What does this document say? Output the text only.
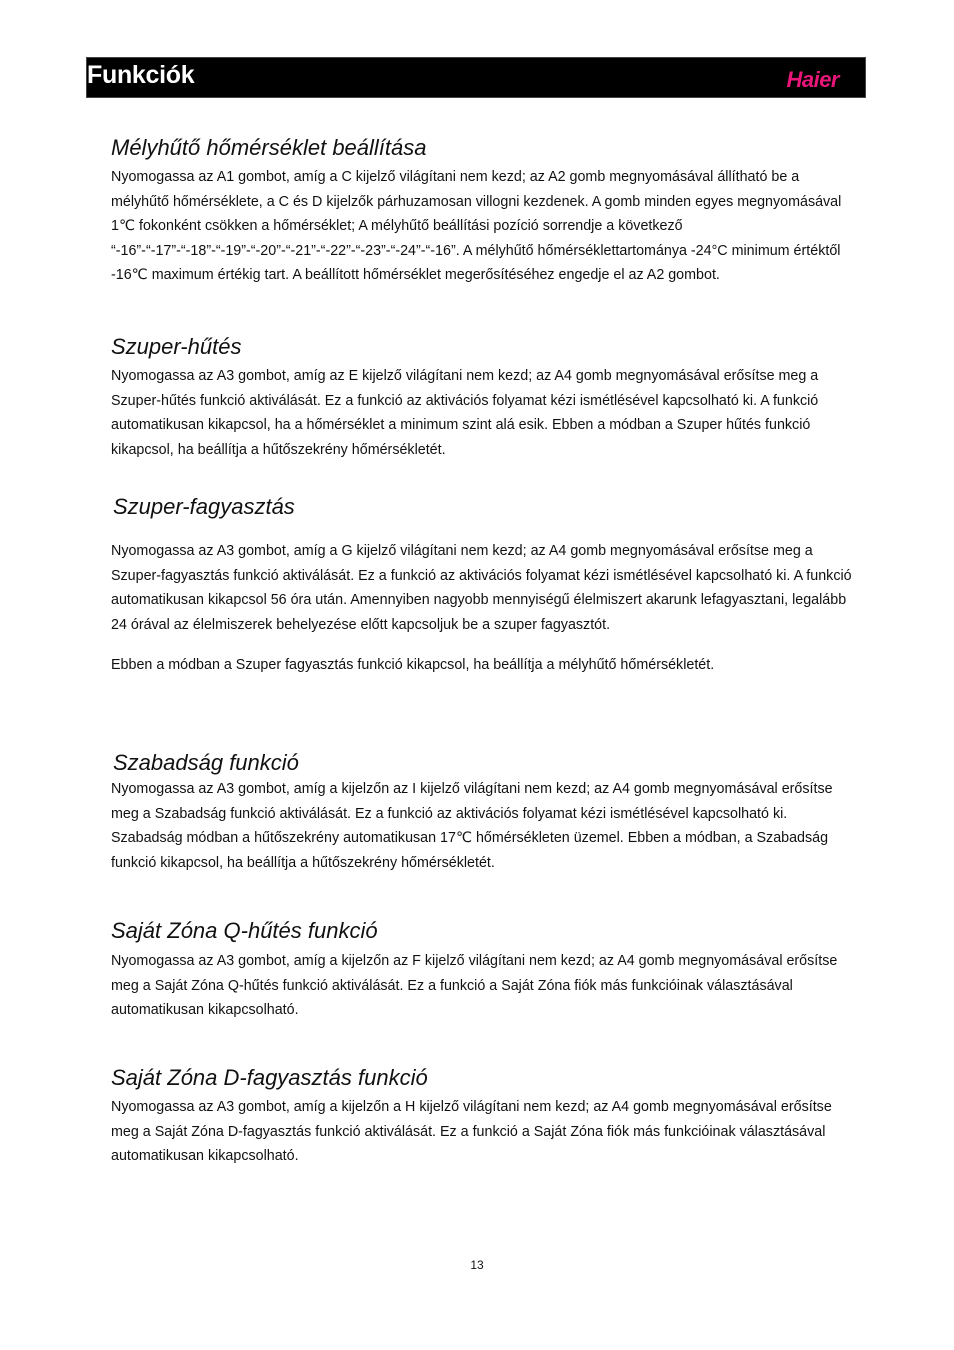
Funkciók	Haier
Mélyhűtő hőmérséklet beállítása

Nyomogassa az A1 gombot, amíg a C kijelző világítani nem kezd; az A2 gomb megnyomásával állítható be a mélyhűtő hőmérséklete, a C és D kijelzők párhuzamosan villogni kezdenek. A gomb minden egyes megnyomásával 1℃ fokonként csökken a hőmérséklet; A mélyhűtő beállítási pozíció sorrendje a következő “-16”-“-17”-“-18”-“-19”-“-20”-“-21”-“-22”-“-23”-“-24”-“-16”. A mélyhűtő hőmérséklettartománya -24°C minimum értéktől -16℃ maximum értékig tart. A beállított hőmérséklet megerősítéséhez engedje el az A2 gombot.

Szuper-hűtés

Nyomogassa az A3 gombot, amíg az E kijelző világítani nem kezd; az A4 gomb megnyomásával erősítse meg a Szuper-hűtés funkció aktiválását. Ez a funkció az aktivációs folyamat kézi ismétlésével kapcsolható ki. A funkció automatikusan kikapcsol, ha a hőmérséklet a minimum szint alá esik. Ebben a módban a Szuper hűtés funkció kikapcsol, ha beállítja a hűtőszekrény hőmérsékletét.

Szuper-fagyasztás

Nyomogassa az A3 gombot, amíg a G kijelző világítani nem kezd; az A4 gomb megnyomásával erősítse meg a Szuper-fagyasztás funkció aktiválását. Ez a funkció az aktivációs folyamat kézi ismétlésével kapcsolható ki. A funkció automatikusan kikapcsol 56 óra után. Amennyiben nagyobb mennyiségű élelmiszert akarunk lefagyasztani, legalább 24 órával az élelmiszerek behelyezése előtt kapcsoljuk be a szuper fagyasztót.

Ebben a módban a Szuper fagyasztás funkció kikapcsol, ha beállítja a mélyhűtő hőmérsékletét.

Szabadság funkció

Nyomogassa az A3 gombot, amíg a kijelzőn az I kijelző világítani nem kezd; az A4 gomb megnyomásával erősítse meg a Szabadság funkció aktiválását. Ez a funkció az aktivációs folyamat kézi ismétlésével kapcsolható ki. Szabadság módban a hűtőszekrény automatikusan 17℃ hőmérsékleten üzemel. Ebben a módban, a Szabadság funkció kikapcsol, ha beállítja a hűtőszekrény hőmérsékletét.

Saját Zóna Q-hűtés funkció

Nyomogassa az A3 gombot, amíg a kijelzőn az F kijelző világítani nem kezd; az A4 gomb megnyomásával erősítse meg a Saját Zóna Q-hűtés funkció aktiválását. Ez a funkció a Saját Zóna fiók más funkcióinak választásával automatikusan kikapcsolható.

Saját Zóna D-fagyasztás funkció

Nyomogassa az A3 gombot, amíg a kijelzőn a H kijelző világítani nem kezd; az A4 gomb megnyomásával erősítse meg a Saját Zóna D-fagyasztás funkció aktiválását. Ez a funkció a Saját Zóna fiók más funkcióinak választásával automatikusan kikapcsolható.

13
